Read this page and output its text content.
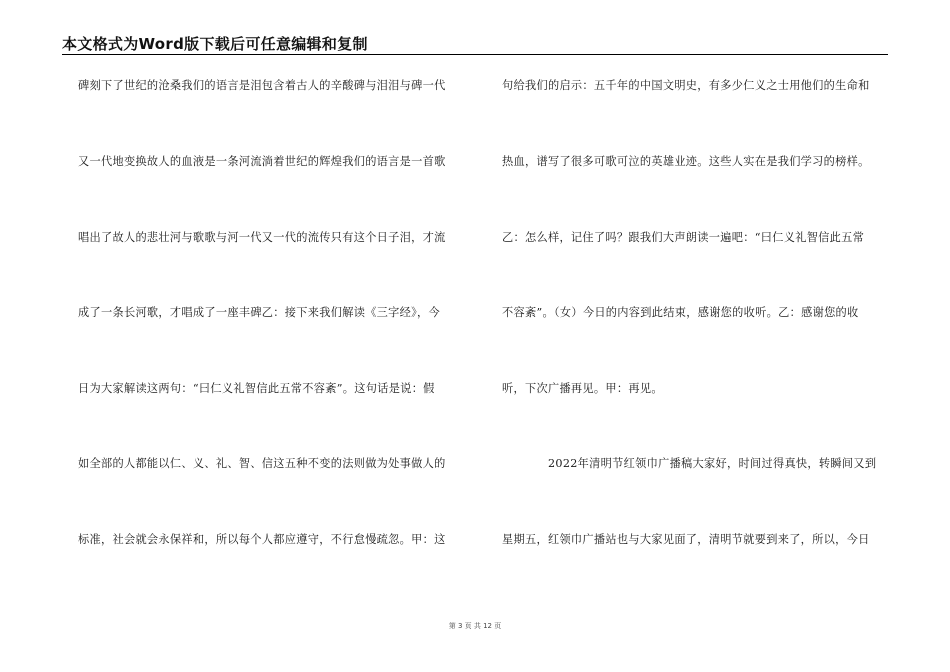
本文格式为Word版下载后可任意编辑和复制
碑刻下了世纪的沧桑我们的语言是泪包含着古人的辛酸碑与泪泪与碑一代
又一代地变换故人的血液是一条河流淌着世纪的辉煌我们的语言是一首歌
唱出了故人的悲壮河与歌歌与河一代又一代的流传只有这个日子泪，才流
成了一条长河歌，才唱成了一座丰碑乙：接下来我们解读《三字经》，今
日为大家解读这两句：“曰仁义礼智信此五常不容紊”。这句话是说：假
如全部的人都能以仁、义、礼、智、信这五种不变的法则做为处事做人的
标准，社会就会永保祥和，所以每个人都应遵守，不行怠慢疏忽。甲：这
句给我们的启示：五千年的中国文明史，有多少仁义之士用他们的生命和
热血，谱写了很多可歌可泣的英雄业迹。这些人实在是我们学习的榜样。
乙：怎么样，记住了吗？跟我们大声朗读一遍吧：“曰仁义礼智信此五常
不容紊”。（女）今日的内容到此结束，感谢您的收听。乙：感谢您的收
听，下次广播再见。甲：再见。
2022年清明节红领巾广播稿大家好，时间过得真快，转瞬间又到
星期五，红领巾广播站也与大家见面了，清明节就要到来了，所以，今日
第 3 页 共 12 页
